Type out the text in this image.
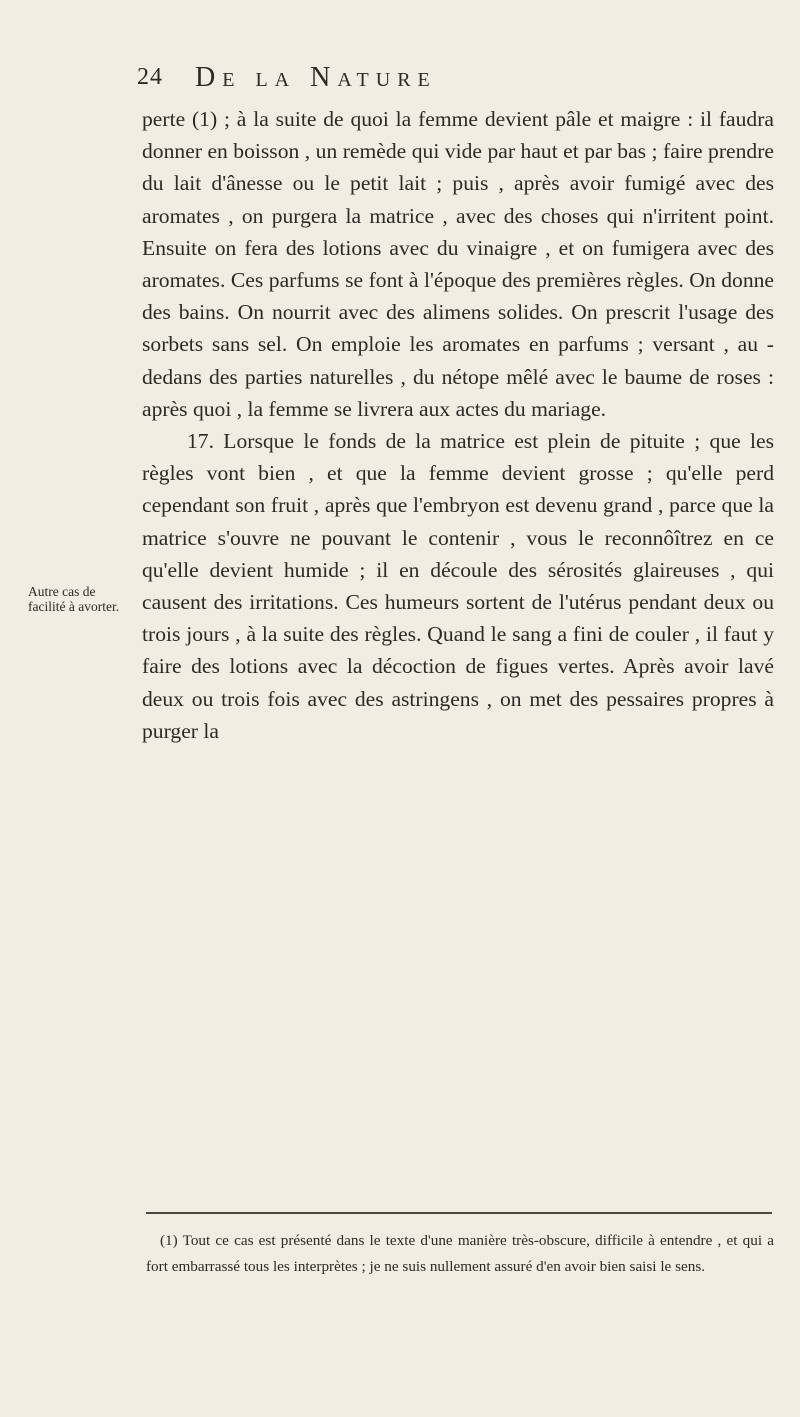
24 De la Nature
Autre cas de facilité à avorter.

perte (1) ; à la suite de quoi la femme devient pâle et maigre : il faudra donner en boisson , un remède qui vide par haut et par bas ; faire prendre du lait d'ânesse ou le petit lait ; puis , après avoir fumigé avec des aromates , on purgera la matrice , avec des choses qui n'irritent point. Ensuite on fera des lotions avec du vinaigre , et on fumigera avec des aromates. Ces parfums se font à l'époque des premières règles. On donne des bains. On nourrit avec des alimens solides. On prescrit l'usage des sorbets sans sel. On emploie les aromates en parfums ; versant , au - dedans des parties naturelles , du nétope mêlé avec le baume de roses : après quoi , la femme se livrera aux actes du mariage.

17. Lorsque le fonds de la matrice est plein de pituite ; que les règles vont bien , et que la femme devient grosse ; qu'elle perd cependant son fruit , après que l'embryon est devenu grand , parce que la matrice s'ouvre ne pouvant le contenir , vous le reconnôîtrez en ce qu'elle devient humide ; il en découle des sérosités glaireuses , qui causent des irritations. Ces humeurs sortent de l'utérus pendant deux ou trois jours , à la suite des règles. Quand le sang a fini de couler , il faut y faire des lotions avec la décoction de figues vertes. Après avoir lavé deux ou trois fois avec des astringens , on met des pessaires propres à purger la

(1) Tout ce cas est présenté dans le texte d'une manière très-obscure, difficile à entendre , et qui a fort embarrassé tous les interprètes ; je ne suis nullement assuré d'en avoir bien saisi le sens.
